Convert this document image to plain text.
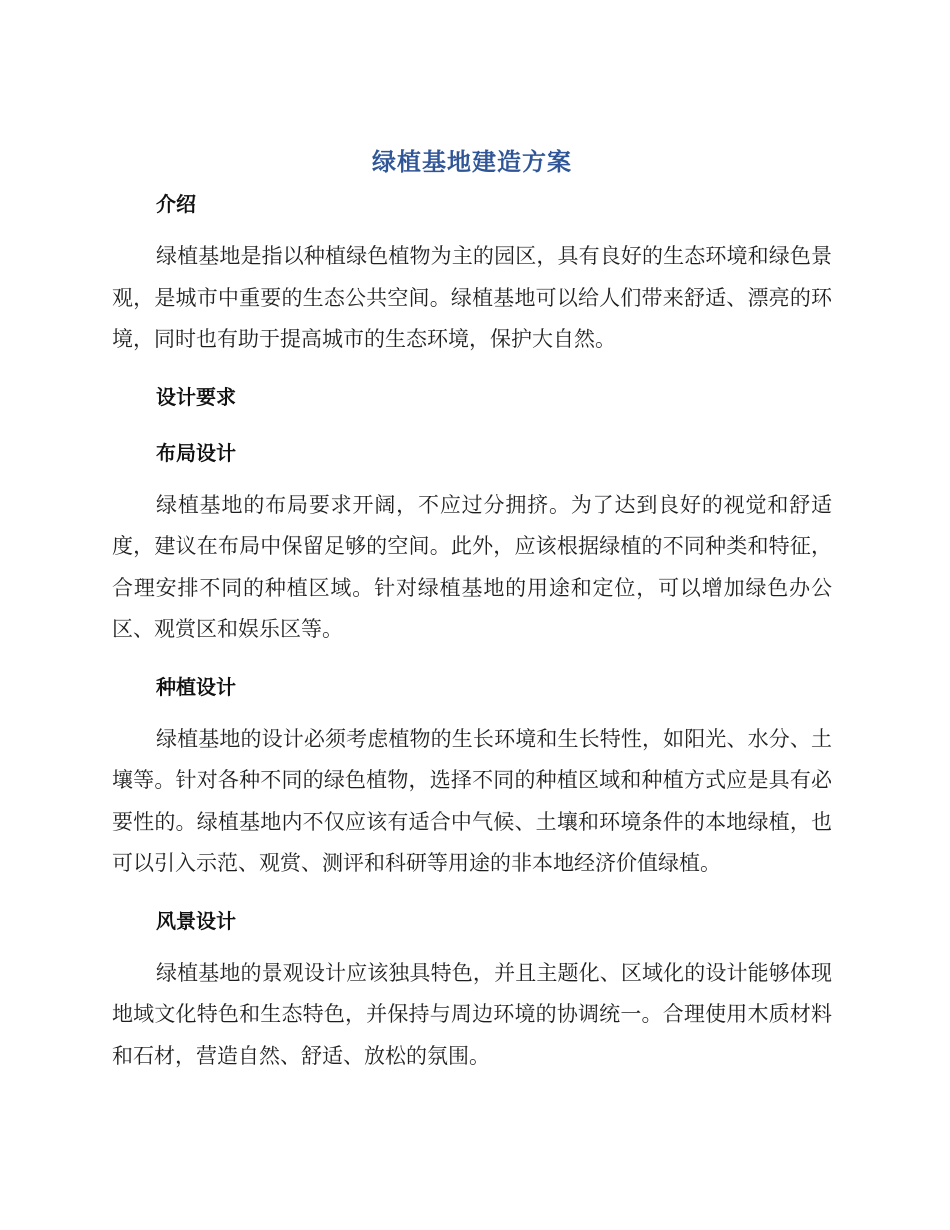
绿植基地建造方案
介绍

绿植基地是指以种植绿色植物为主的园区，具有良好的生态环境和绿色景观，是城市中重要的生态公共空间。绿植基地可以给人们带来舒适、漂亮的环境，同时也有助于提高城市的生态环境，保护大自然。

设计要求
布局设计

绿植基地的布局要求开阔，不应过分拥挤。为了达到良好的视觉和舒适度，建议在布局中保留足够的空间。此外，应该根据绿植的不同种类和特征，合理安排不同的种植区域。针对绿植基地的用途和定位，可以增加绿色办公区、观赏区和娱乐区等。

种植设计

绿植基地的设计必须考虑植物的生长环境和生长特性，如阳光、水分、土壤等。针对各种不同的绿色植物，选择不同的种植区域和种植方式应是具有必要性的。绿植基地内不仅应该有适合中气候、土壤和环境条件的本地绿植，也可以引入示范、观赏、测评和科研等用途的非本地经济价值绿植。

风景设计

绿植基地的景观设计应该独具特色，并且主题化、区域化的设计能够体现地域文化特色和生态特色，并保持与周边环境的协调统一。合理使用木质材料和石材，营造自然、舒适、放松的氛围。
